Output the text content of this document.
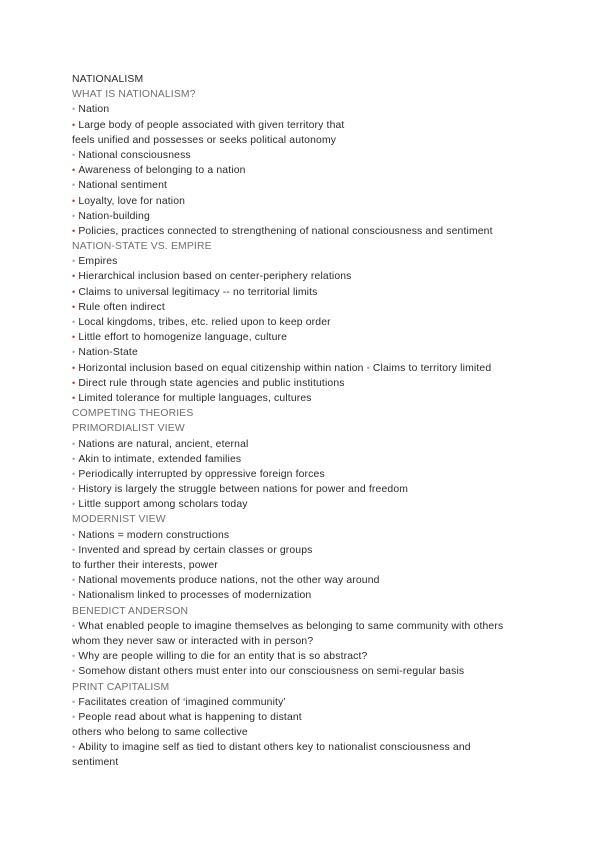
NATIONALISM
WHAT IS NATIONALISM?
• Nation
• Large body of people associated with given territory that
feels unified and possesses or seeks political autonomy
• National consciousness
• Awareness of belonging to a nation
• National sentiment
• Loyalty, love for nation
• Nation-building
• Policies, practices connected to strengthening of national consciousness and sentiment
NATION-STATE VS. EMPIRE
• Empires
• Hierarchical inclusion based on center-periphery relations
• Claims to universal legitimacy -- no territorial limits
• Rule often indirect
• Local kingdoms, tribes, etc. relied upon to keep order
• Little effort to homogenize language, culture
• Nation-State
• Horizontal inclusion based on equal citizenship within nation • Claims to territory limited
• Direct rule through state agencies and public institutions
• Limited tolerance for multiple languages, cultures
COMPETING THEORIES
PRIMORDIALIST VIEW
• Nations are natural, ancient, eternal
• Akin to intimate, extended families
• Periodically interrupted by oppressive foreign forces
• History is largely the struggle between nations for power and freedom
• Little support among scholars today
MODERNIST VIEW
• Nations = modern constructions
• Invented and spread by certain classes or groups
to further their interests, power
• National movements produce nations, not the other way around
• Nationalism linked to processes of modernization
BENEDICT ANDERSON
• What enabled people to imagine themselves as belonging to same community with others
whom they never saw or interacted with in person?
• Why are people willing to die for an entity that is so abstract?
• Somehow distant others must enter into our consciousness on semi-regular basis
PRINT CAPITALISM
• Facilitates creation of ‘imagined community’
• People read about what is happening to distant
others who belong to same collective
• Ability to imagine self as tied to distant others key to nationalist consciousness and
sentiment
